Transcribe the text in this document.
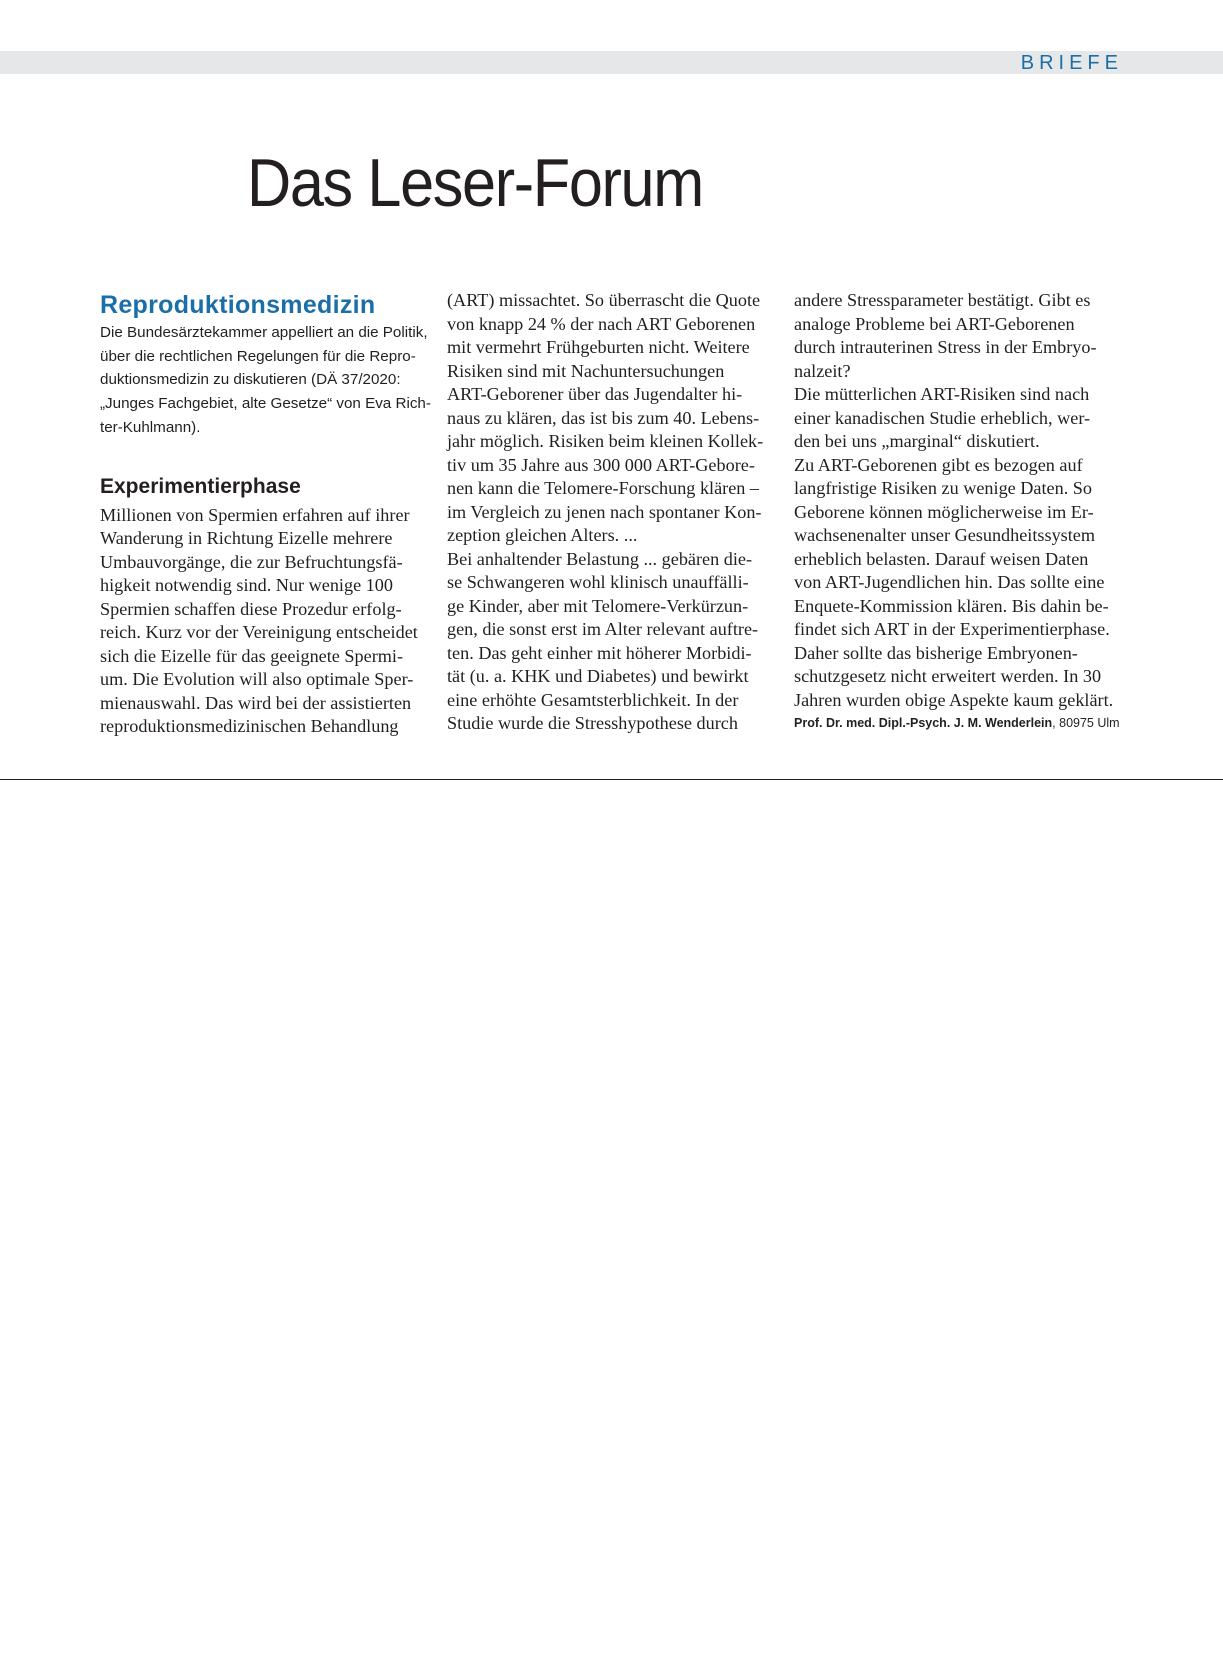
BRIEFE
Das Leser-Forum
Reproduktionsmedizin
Die Bundesärztekammer appelliert an die Politik,
über die rechtlichen Regelungen für die Repro-
duktionsmedizin zu diskutieren (DÄ 37/2020:
„Junges Fachgebiet, alte Gesetze“ von Eva Rich-
ter-Kuhlmann).
Experimentierphase
Millionen von Spermien erfahren auf ihrer
Wanderung in Richtung Eizelle mehrere
Umbauvorgänge, die zur Befruchtungsfä-
higkeit notwendig sind. Nur wenige 100
Spermien schaffen diese Prozedur erfolg-
reich. Kurz vor der Vereinigung entscheidet
sich die Eizelle für das geeignete Spermi-
um. Die Evolution will also optimale Sper-
mienauswahl. Das wird bei der assistierten
reproduktionsmedizinischen Behandlung
(ART) missachtet. So überrascht die Quote
von knapp 24 % der nach ART Geborenen
mit vermehrt Frühgeburten nicht. Weitere
Risiken sind mit Nachuntersuchungen
ART-Geborener über das Jugendalter hi-
naus zu klären, das ist bis zum 40. Lebens-
jahr möglich. Risiken beim kleinen Kollek-
tiv um 35 Jahre aus 300 000 ART-Gebore-
nen kann die Telomere-Forschung klären –
im Vergleich zu jenen nach spontaner Kon-
zeption gleichen Alters. ...
Bei anhaltender Belastung ... gebären die-
se Schwangeren wohl klinisch unauffälli-
ge Kinder, aber mit Telomere-Verkürzun-
gen, die sonst erst im Alter relevant auftre-
ten. Das geht einher mit höherer Morbidi-
tät (u. a. KHK und Diabetes) und bewirkt
eine erhöhte Gesamtsterblichkeit. In der
Studie wurde die Stresshypothese durch
andere Stressparameter bestätigt. Gibt es
analoge Probleme bei ART-Geborenen
durch intrauterinen Stress in der Embryo-
nalzeit?
Die mütterlichen ART-Risiken sind nach
einer kanadischen Studie erheblich, wer-
den bei uns „marginal“ diskutiert.
Zu ART-Geborenen gibt es bezogen auf
langfristige Risiken zu wenige Daten. So
Geborene können möglicherweise im Er-
wachsenenalter unser Gesundheitssystem
erheblich belasten. Darauf weisen Daten
von ART-Jugendlichen hin. Das sollte eine
Enquete-Kommission klären. Bis dahin be-
findet sich ART in der Experimentierphase.
Daher sollte das bisherige Embryonen-
schutzgesetz nicht erweitert werden. In 30
Jahren wurden obige Aspekte kaum geklärt.
Prof. Dr. med. Dipl.-Psych. J. M. Wenderlein, 80975 Ulm
